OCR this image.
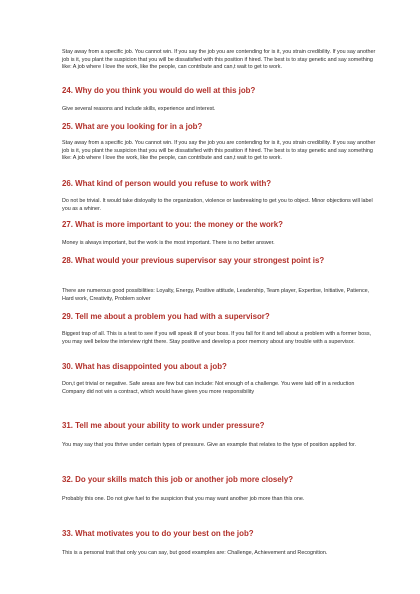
Stay away from a specific job. You cannot win. If you say the job you are contending for is it, you strain credibility. If you say another job is it, you plant the suspicion that you will be dissatisfied with this position if hired. The best is to stay genetic and say something like: A job where I love the work, like the people, can contribute and can,t wait to get to work.

24. Why do you think you would do well at this job?

Give several reasons and include skills, experience and interest.

25. What are you looking for in a job?

Stay away from a specific job. You cannot win. If you say the job you are contending for is it, you strain credibility. If you say another job is it, you plant the suspicion that you will be dissatisfied with this position if hired. The best is to stay genetic and say something like: A job where I love the work, like the people, can contribute and can,t wait to get to work.

26. What kind of person would you refuse to work with?

Do not be trivial. It would take disloyalty to the organization, violence or lawbreaking to get you to object. Minor objections will label you as a whiner.

27. What is more important to you: the money or the work?

Money is always important, but the work is the most important. There is no better answer.

28. What would your previous supervisor say your strongest point is?

There are numerous good possibilities: Loyalty, Energy, Positive attitude, Leadership, Team player, Expertise, Initiative, Patience, Hard work, Creativity, Problem solver

29. Tell me about a problem you had with a supervisor?

Biggest trap of all. This is a test to see if you will speak ill of your boss. If you fall for it and tell about a problem with a former boss, you may well below the interview right there. Stay positive and develop a poor memory about any trouble with a supervisor.

30. What has disappointed you about a job?

Don,t get trivial or negative. Safe areas are few but can include: Not enough of a challenge. You were laid off in a reduction Company did not win a contract, which would have given you more responsibility

31. Tell me about your ability to work under pressure?

You may say that you thrive under certain types of pressure. Give an example that relates to the type of position applied for.

32. Do your skills match this job or another job more closely?

Probably this one. Do not give fuel to the suspicion that you may want another job more than this one.

33. What motivates you to do your best on the job?

This is a personal trait that only you can say, but good examples are: Challenge, Achievement and Recognition.
